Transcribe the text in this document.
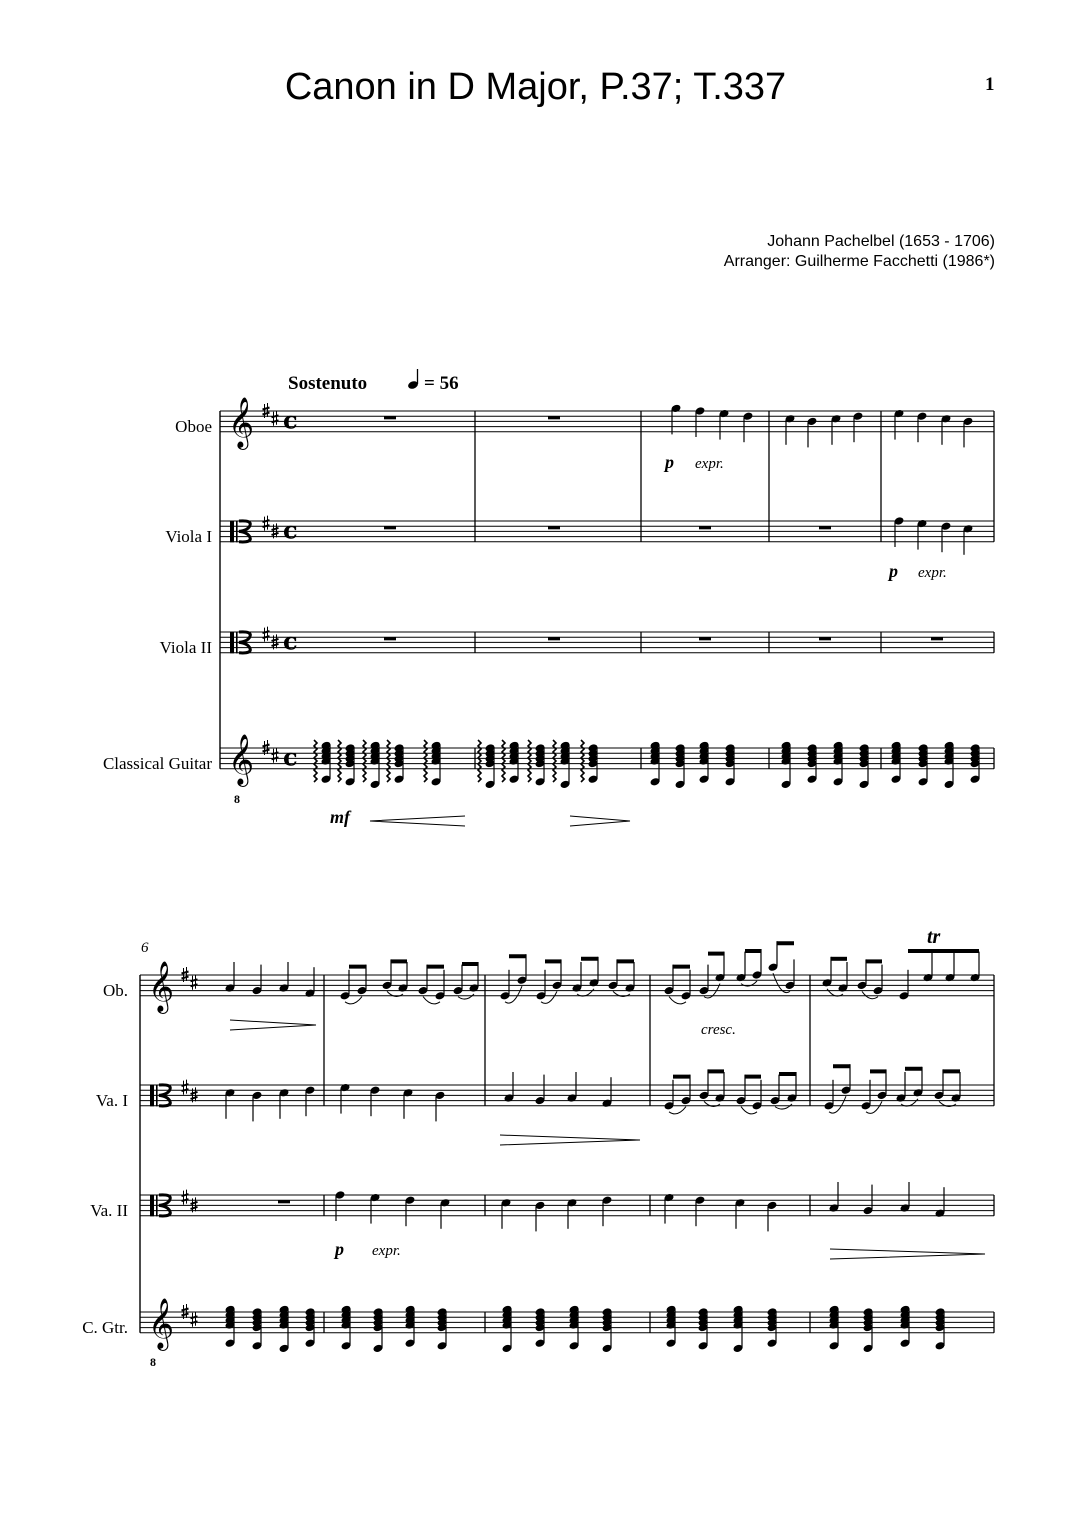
Canon in D Major, P.37; T.337	1
Johann Pachelbel (1653 - 1706)
Arranger: Guilherme Facchetti (1986*)
𝄞
𝄞
c
c
c
c
𝄞
𝄞
Sostenuto	= 56
Oboe
Viola I
Viola II
Classical Guitar
Ob.
Va. I
Va. II
C. Gtr.
6
p expr.
p expr.
mf
p expr.
cresc.
tr
8
8
